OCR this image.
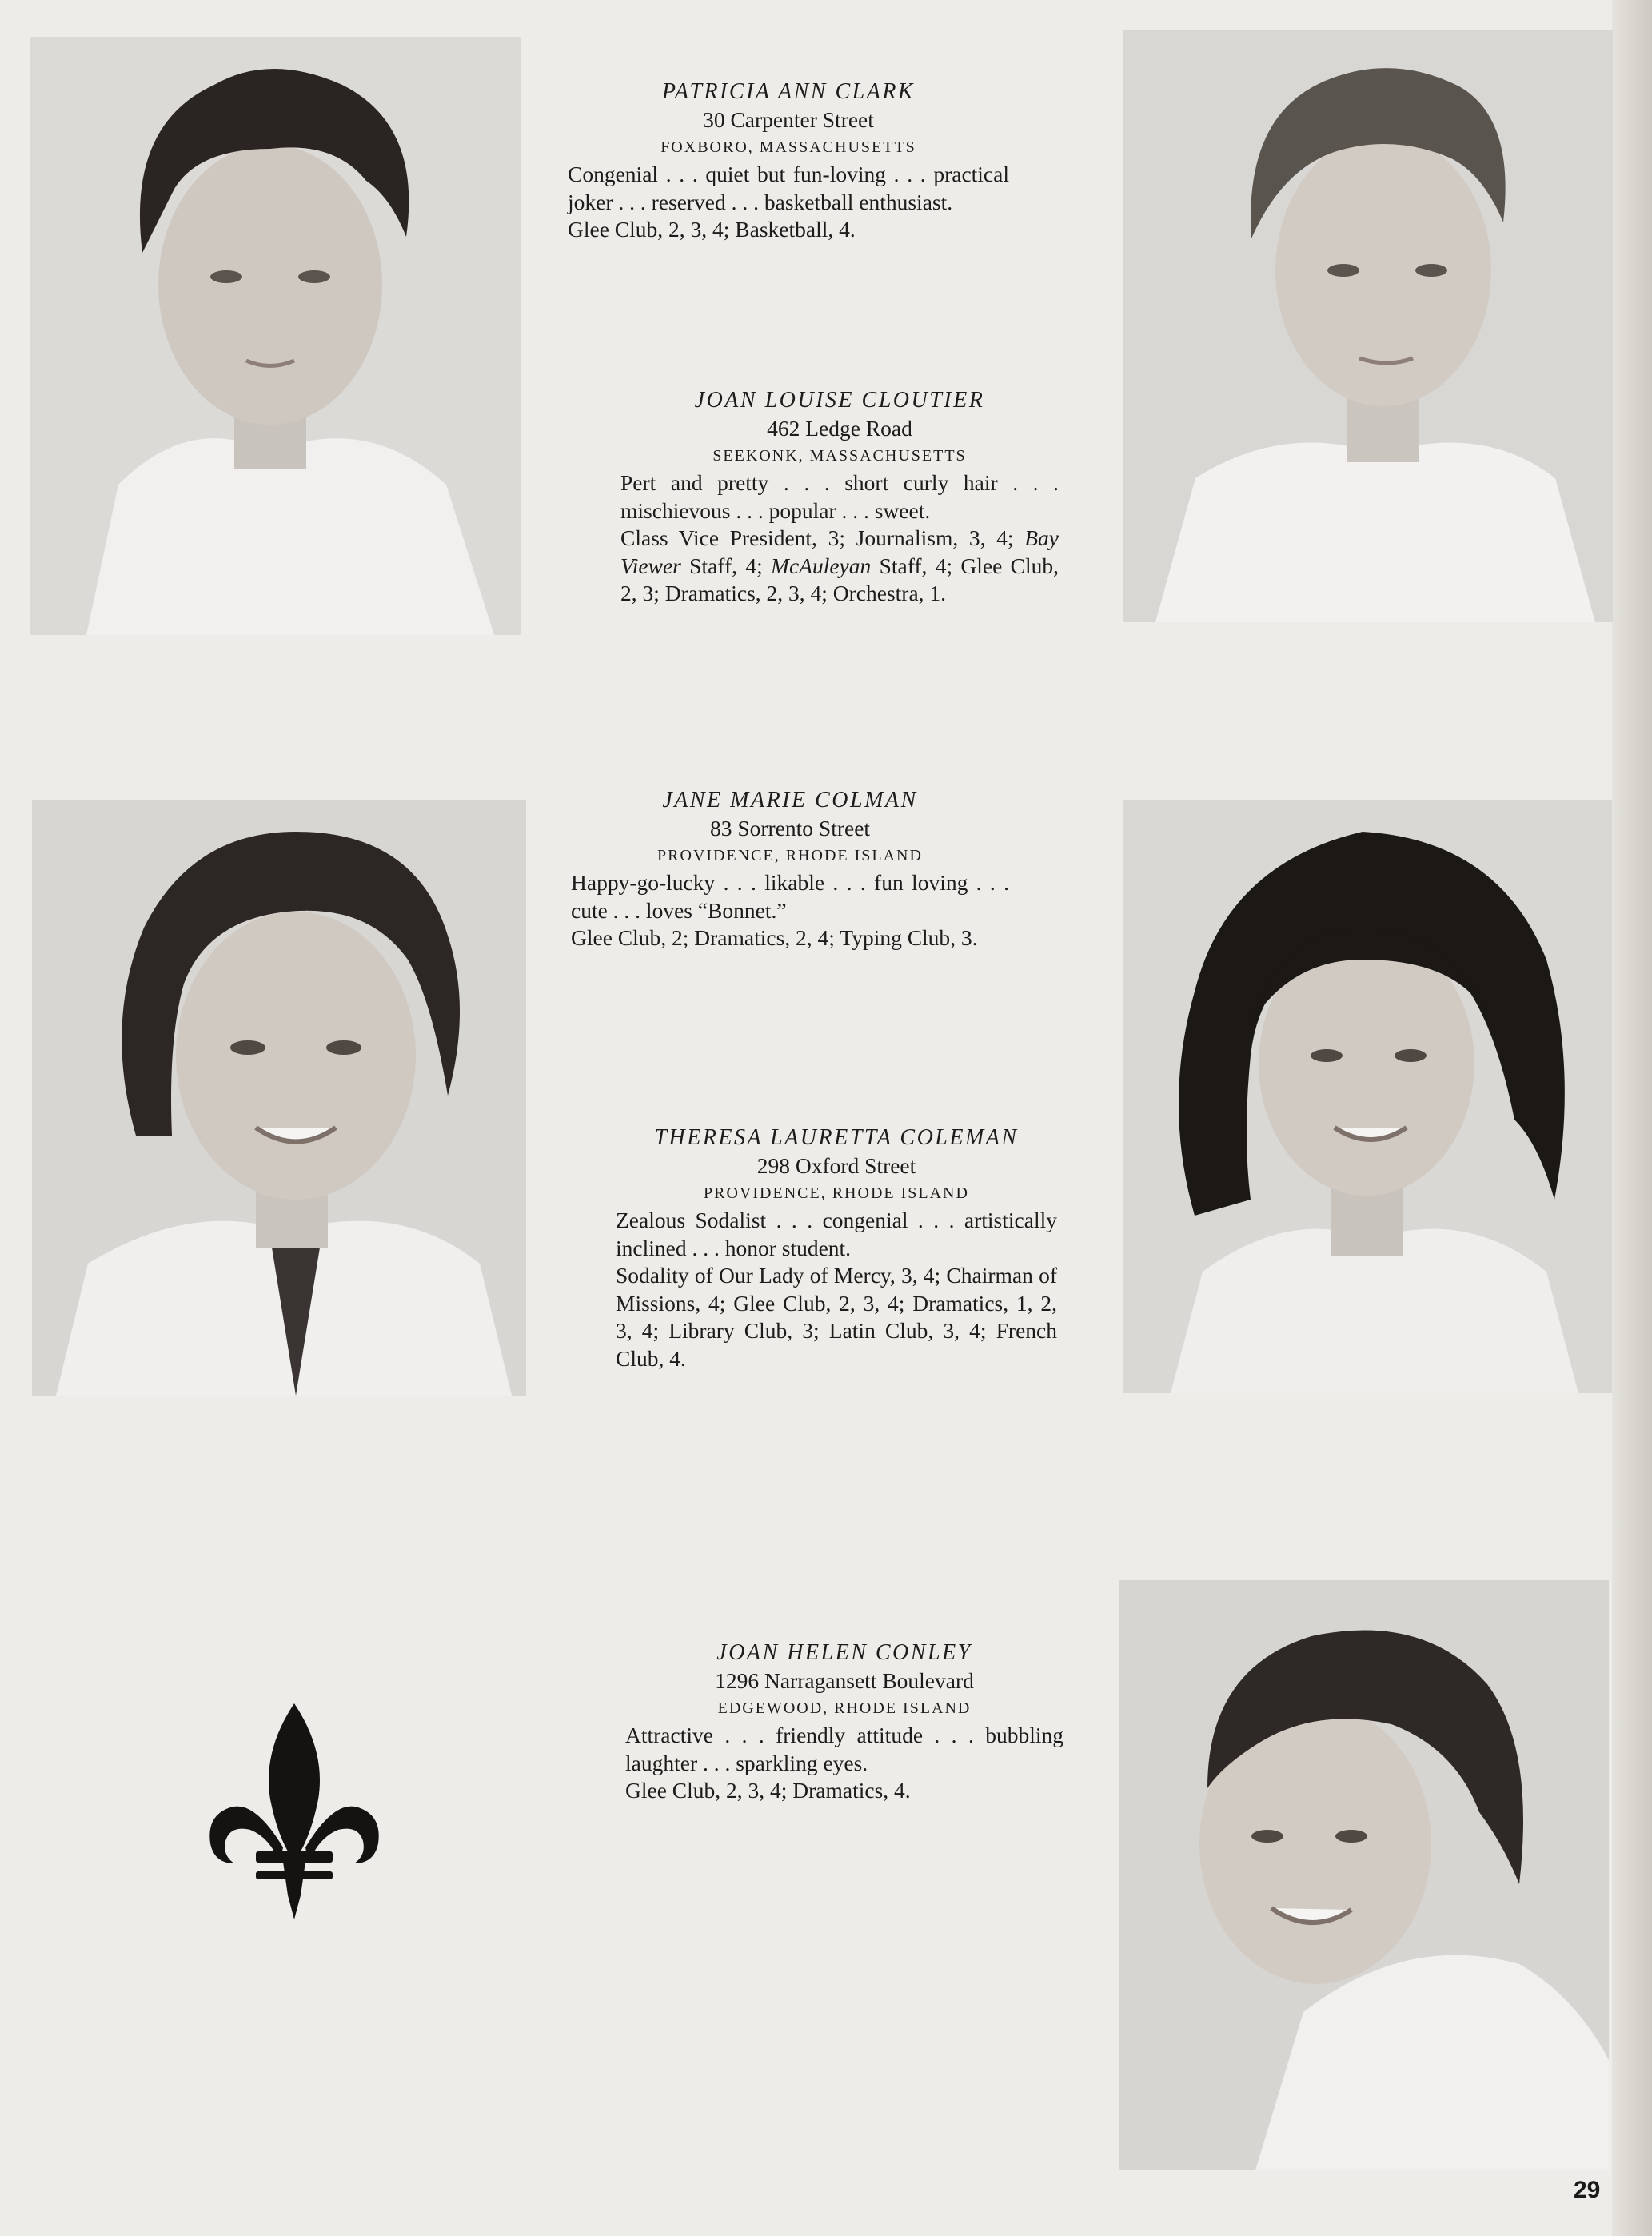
PATRICIA ANN CLARK
30 Carpenter Street
FOXBORO, MASSACHUSETTS
Congenial . . . quiet but fun-loving . . . practical joker . . . reserved . . . basketball enthusiast.
Glee Club, 2, 3, 4; Basketball, 4.
JOAN LOUISE CLOUTIER
462 Ledge Road
SEEKONK, MASSACHUSETTS
Pert and pretty . . . short curly hair . . . mischievous . . . popular . . . sweet.
Class Vice President, 3; Journalism, 3, 4; Bay Viewer Staff, 4; McAuleyan Staff, 4; Glee Club, 2, 3; Dramatics, 2, 3, 4; Orchestra, 1.
JANE MARIE COLMAN
83 Sorrento Street
PROVIDENCE, RHODE ISLAND
Happy-go-lucky . . . likable . . . fun loving . . . cute . . . loves “Bonnet.”
Glee Club, 2; Dramatics, 2, 4; Typing Club, 3.
THERESA LAURETTA COLEMAN
298 Oxford Street
PROVIDENCE, RHODE ISLAND
Zealous Sodalist . . . congenial . . . artistically inclined . . . honor student.
Sodality of Our Lady of Mercy, 3, 4; Chairman of Missions, 4; Glee Club, 2, 3, 4; Dramatics, 1, 2, 3, 4; Library Club, 3; Latin Club, 3, 4; French Club, 4.
JOAN HELEN CONLEY
1296 Narragansett Boulevard
EDGEWOOD, RHODE ISLAND
Attractive . . . friendly attitude . . . bubbling laughter . . . sparkling eyes.
Glee Club, 2, 3, 4; Dramatics, 4.
29
